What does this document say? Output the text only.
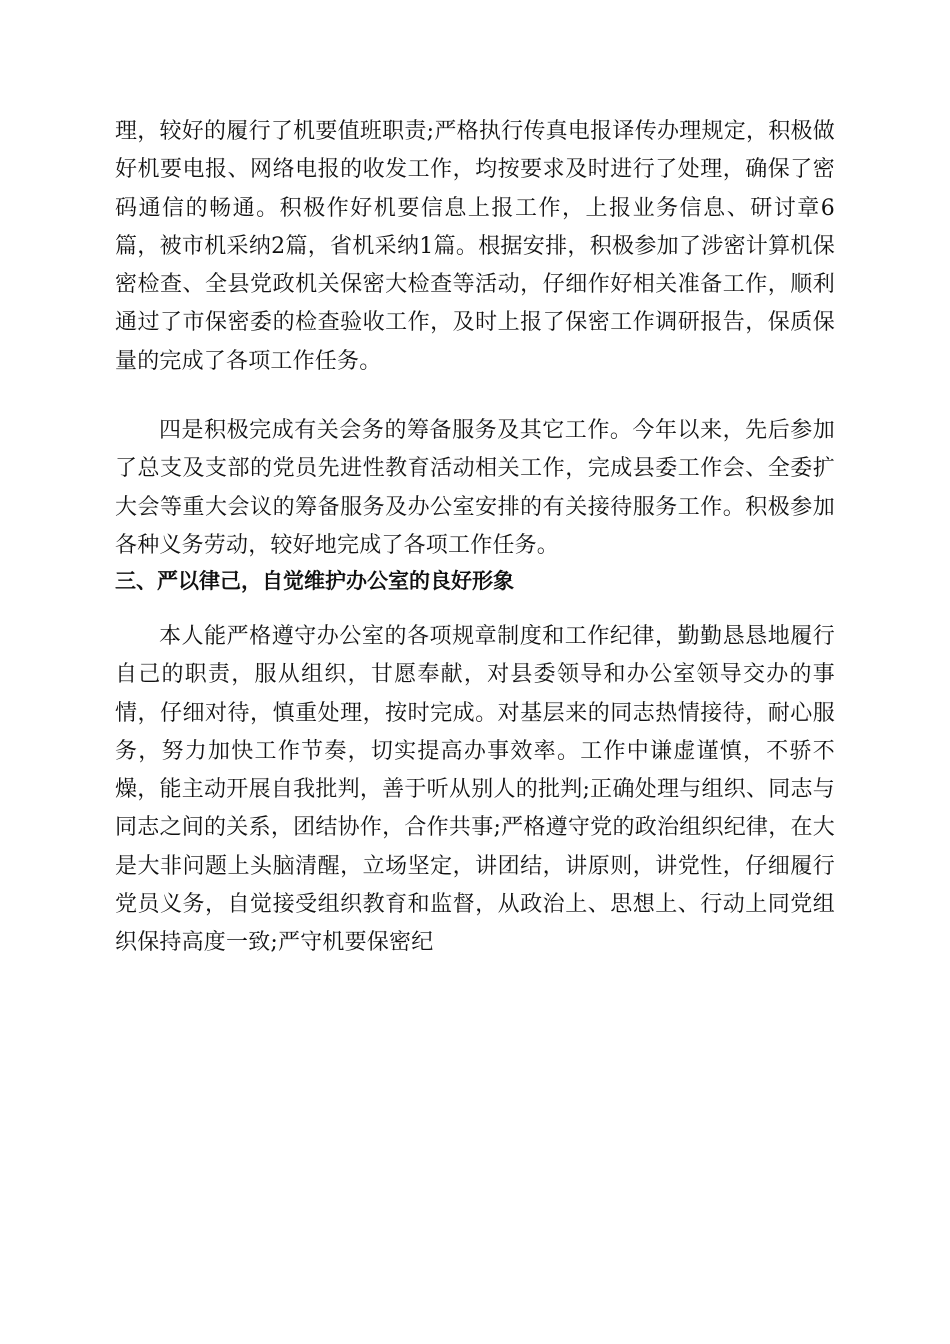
理，较好的履行了机要值班职责;严格执行传真电报译传办理规定，积极做好机要电报、网络电报的收发工作，均按要求及时进行了处理，确保了密码通信的畅通。积极作好机要信息上报工作，上报业务信息、研讨章6篇，被市机采纳2篇，省机采纳1篇。根据安排，积极参加了涉密计算机保密检查、全县党政机关保密大检查等活动，仔细作好相关准备工作，顺利通过了市保密委的检查验收工作，及时上报了保密工作调研报告，保质保量的完成了各项工作任务。

四是积极完成有关会务的筹备服务及其它工作。今年以来，先后参加了总支及支部的党员先进性教育活动相关工作，完成县委工作会、全委扩大会等重大会议的筹备服务及办公室安排的有关接待服务工作。积极参加各种义务劳动，较好地完成了各项工作任务。

三、严以律己，自觉维护办公室的良好形象

本人能严格遵守办公室的各项规章制度和工作纪律，勤勤恳恳地履行自己的职责，服从组织，甘愿奉献，对县委领导和办公室领导交办的事情，仔细对待，慎重处理，按时完成。对基层来的同志热情接待，耐心服务，努力加快工作节奏，切实提高办事效率。工作中谦虚谨慎，不骄不燥，能主动开展自我批判，善于听从别人的批判;正确处理与组织、同志与同志之间的关系，团结协作，合作共事;严格遵守党的政治组织纪律，在大是大非问题上头脑清醒，立场坚定，讲团结，讲原则，讲党性，仔细履行党员义务，自觉接受组织教育和监督，从政治上、思想上、行动上同党组织保持高度一致;严守机要保密纪
